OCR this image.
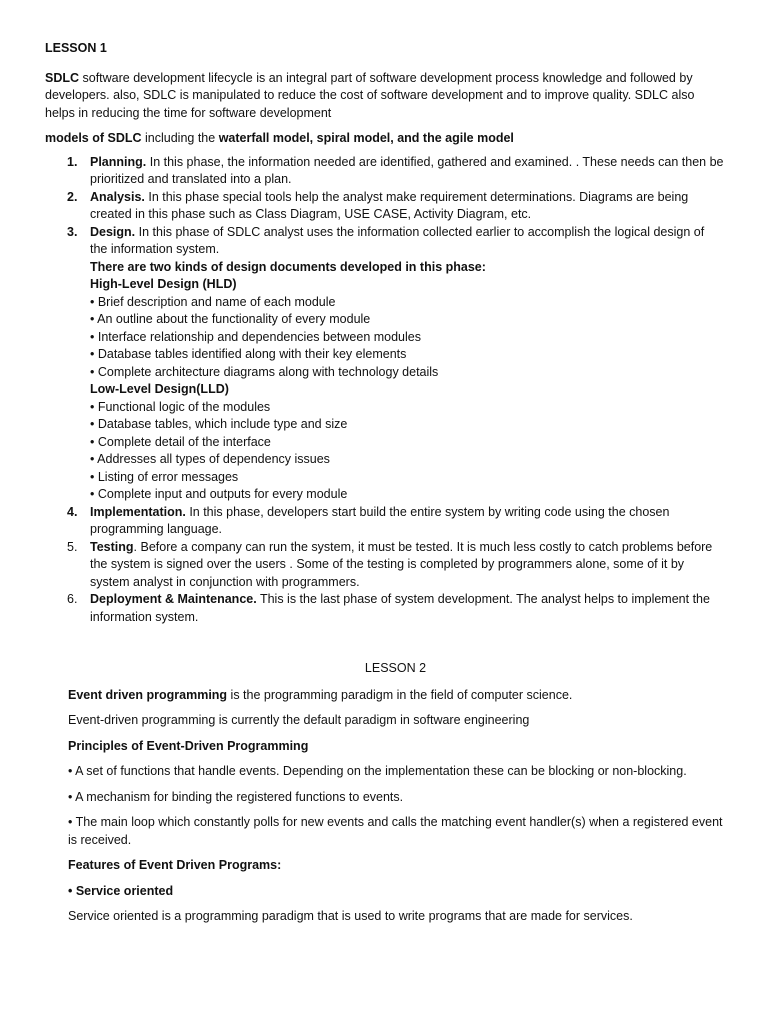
LESSON 1

SDLC software development lifecycle is an integral part of software development process knowledge and followed by developers. also, SDLC is manipulated to reduce the cost of software development and to improve quality. SDLC also helps in reducing the time for software development

models of SDLC including the waterfall model, spiral model, and the agile model

1. Planning. In this phase, the information needed are identified, gathered and examined. . These needs can then be prioritized and translated into a plan.
2. Analysis. In this phase special tools help the analyst make requirement determinations. Diagrams are being created in this phase such as Class Diagram, USE CASE, Activity Diagram, etc.
3. Design. In this phase of SDLC analyst uses the information collected earlier to accomplish the logical design of the information system.

There are two kinds of design documents developed in this phase:

High-Level Design (HLD)

• Brief description and name of each module

• An outline about the functionality of every module

• Interface relationship and dependencies between modules

• Database tables identified along with their key elements

• Complete architecture diagrams along with technology details

Low-Level Design(LLD)

• Functional logic of the modules

• Database tables, which include type and size

• Complete detail of the interface

• Addresses all types of dependency issues

• Listing of error messages

• Complete input and outputs for every module

4. Implementation. In this phase, developers start build the entire system by writing code using the chosen programming language.
5. Testing. Before a company can run the system, it must be tested. It is much less costly to catch problems before the system is signed over the users . Some of the testing is completed by programmers alone, some of it by system analyst in conjunction with programmers.
6. Deployment & Maintenance. This is the last phase of system development. The analyst helps to implement the information system.

LESSON 2

Event driven programming is the programming paradigm in the field of computer science.

Event-driven programming is currently the default paradigm in software engineering

Principles of Event-Driven Programming

• A set of functions that handle events. Depending on the implementation these can be blocking or non-blocking.

• A mechanism for binding the registered functions to events.

• The main loop which constantly polls for new events and calls the matching event handler(s) when a registered event is received.

Features of Event Driven Programs:

• Service oriented

Service oriented is a programming paradigm that is used to write programs that are made for services.
